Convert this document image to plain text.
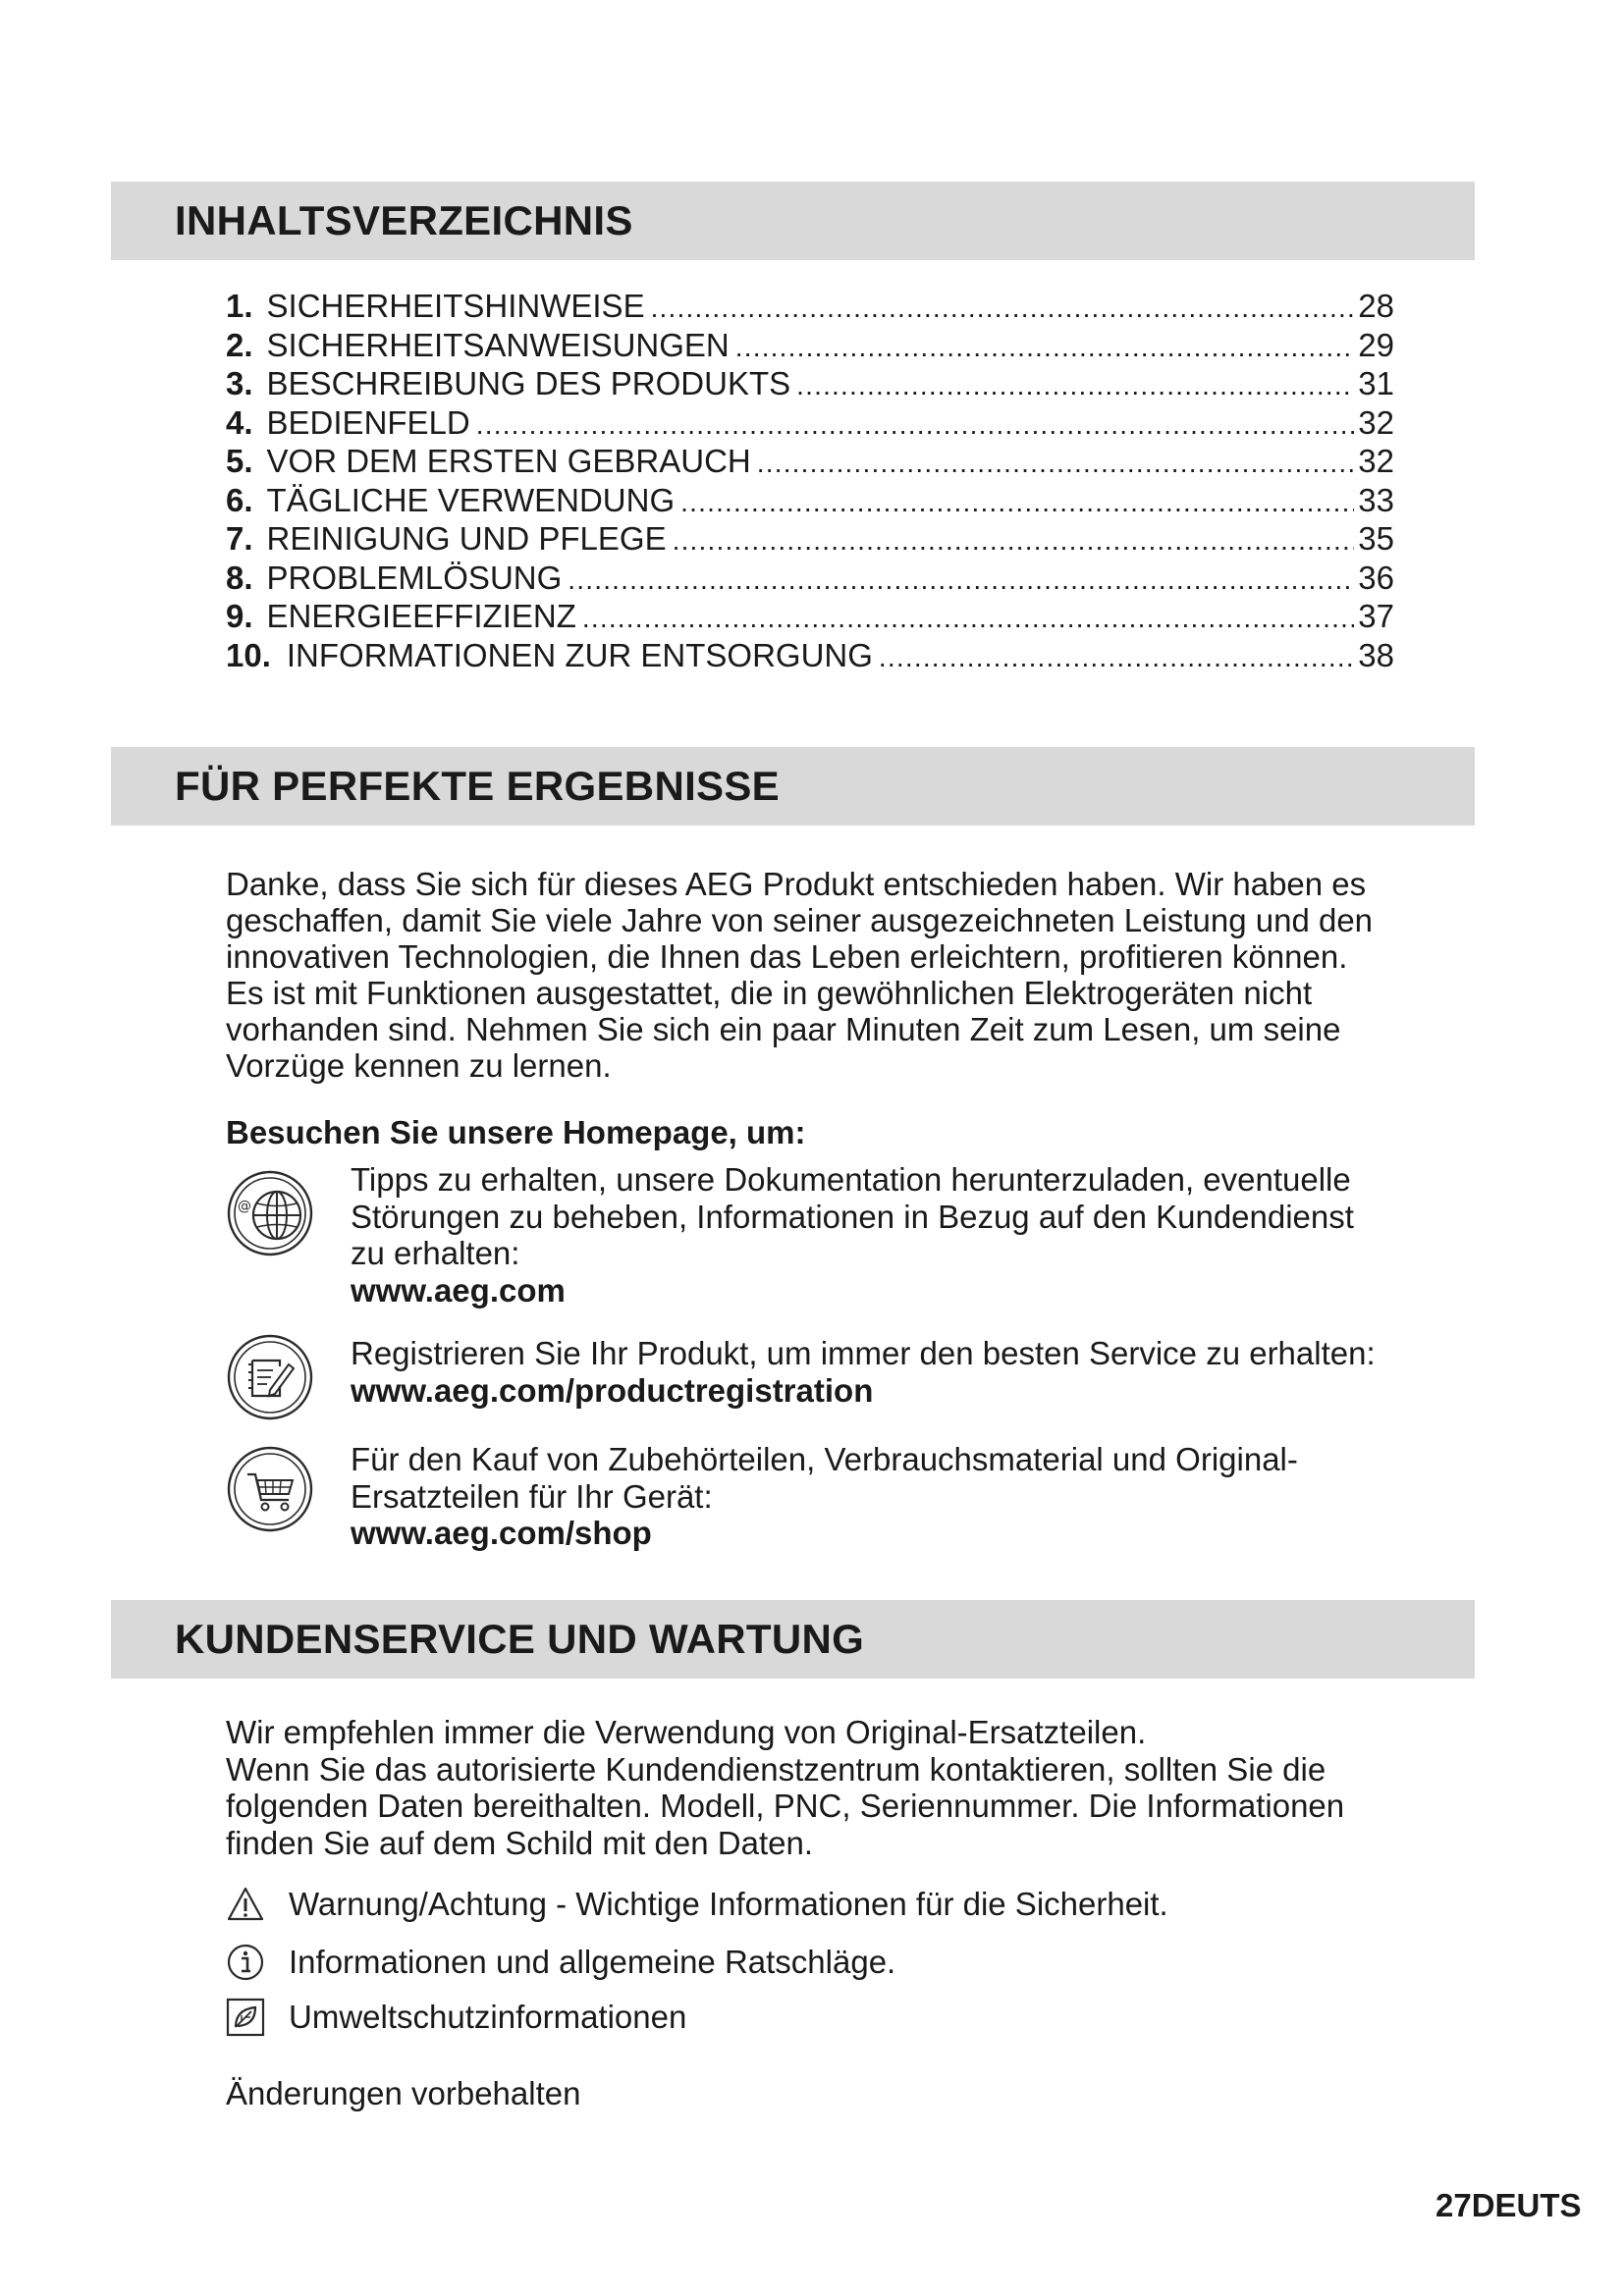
INHALTSVERZEICHNIS
1. SICHERHEITSHINWEISE .....	28
2. SICHERHEITSANWEISUNGEN .....	29
3. BESCHREIBUNG DES PRODUKTS .....	31
4. BEDIENFELD .....	32
5. VOR DEM ERSTEN GEBRAUCH .....	32
6. TÄGLICHE VERWENDUNG .....	33
7. REINIGUNG UND PFLEGE .....	35
8. PROBLEMLÖSUNG .....	36
9. ENERGIEEFFIZIENZ .....	37
10. INFORMATIONEN ZUR ENTSORGUNG .....	38
FÜR PERFEKTE ERGEBNISSE
Danke, dass Sie sich für dieses AEG Produkt entschieden haben. Wir haben es
geschaffen, damit Sie viele Jahre von seiner ausgezeichneten Leistung und den
innovativen Technologien, die Ihnen das Leben erleichtern, profitieren können.
Es ist mit Funktionen ausgestattet, die in gewöhnlichen Elektrogeräten nicht
vorhanden sind. Nehmen Sie sich ein paar Minuten Zeit zum Lesen, um seine
Vorzüge kennen zu lernen.
Besuchen Sie unsere Homepage, um:
@
Tipps zu erhalten, unsere Dokumentation herunterzuladen, eventuelle
Störungen zu beheben, Informationen in Bezug auf den Kundendienst
zu erhalten:
www.aeg.com
Registrieren Sie Ihr Produkt, um immer den besten Service zu erhalten:
www.aeg.com/productregistration
Für den Kauf von Zubehörteilen, Verbrauchsmaterial und Original-
Ersatzteilen für Ihr Gerät:
www.aeg.com/shop
KUNDENSERVICE UND WARTUNG
Wir empfehlen immer die Verwendung von Original-Ersatzteilen.
Wenn Sie das autorisierte Kundendienstzentrum kontaktieren, sollten Sie die
folgenden Daten bereithalten. Modell, PNC, Seriennummer. Die Informationen
finden Sie auf dem Schild mit den Daten.
Warnung/Achtung - Wichtige Informationen für die Sicherheit.
Informationen und allgemeine Ratschläge.
Umweltschutzinformationen
Änderungen vorbehalten
27DEUTS
